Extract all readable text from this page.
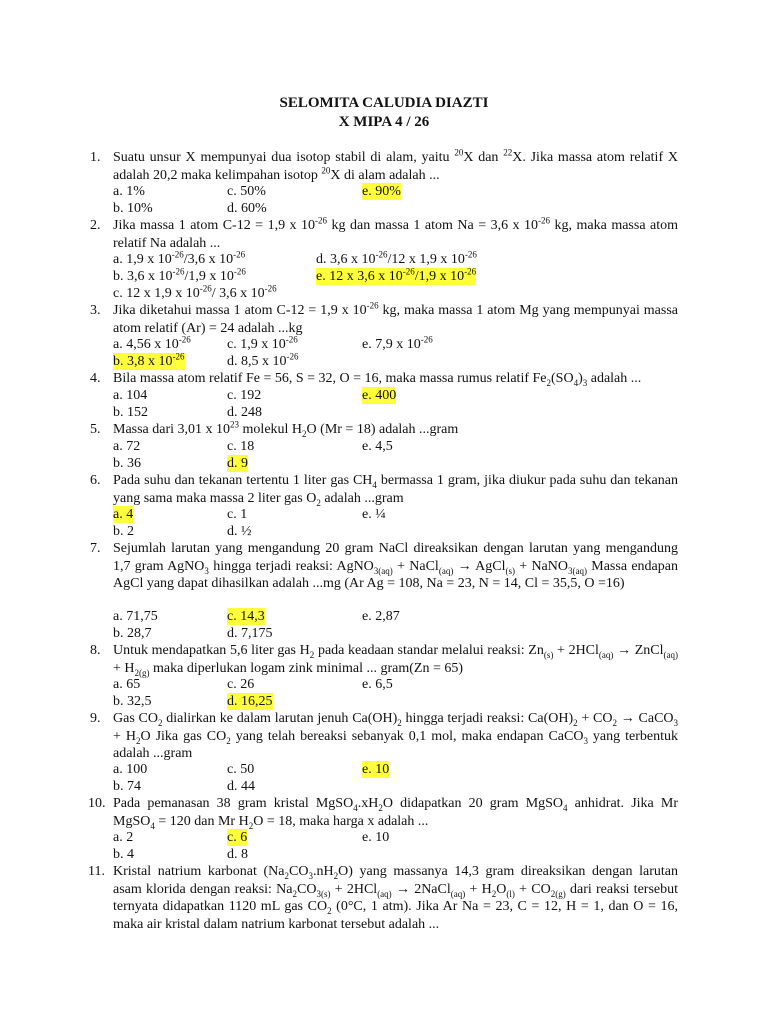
SELOMITA CALUDIA DIAZTI
X MIPA 4 / 26
1. Suatu unsur X mempunyai dua isotop stabil di alam, yaitu $^{20}$X dan $^{22}$X. Jika massa atom relatif X adalah 20,2 maka kelimpahan isotop $^{20}$X di alam adalah ...
a. 1%	c. 50%	e. 90%
b. 10%	d. 60%
2. Jika massa 1 atom C-12 = 1,9 x $10^{-26}$ kg dan massa 1 atom Na = 3,6 x $10^{-26}$ kg, maka massa atom relatif Na adalah ...
a. 1,9 x $10^{-26}/3,6$ x $10^{-26}$	d. 3,6 x $10^{-26}/12$ x 1,9 x $10^{-26}$
b. 3,6 x $10^{-26}/1,9$ x $10^{-26}$	e. 12 x 3,6 x $10^{-26}/1,9$ x $10^{-26}$
c. 12 x 1,9 x $10^{-26}/$ 3,6 x $10^{-26}$
3. Jika diketahui massa 1 atom C-12 = 1,9 x $10^{-26}$ kg, maka massa 1 atom Mg yang mempunyai massa atom relatif (Ar) = 24 adalah ...kg
a. 4,56 x $10^{-26}$	c. 1,9 x $10^{-26}$	e. 7,9 x $10^{-26}$
b. 3,8 x $10^{-26}$	d. 8,5 x $10^{-26}$
4. Bila massa atom relatif Fe = 56, S = 32, O = 16, maka massa rumus relatif $Fe_2(SO_4)_3$ adalah ...
a. 104	c. 192	e. 400
b. 152	d. 248
5. Massa dari 3,01 x $10^{23}$ molekul $H_2O$ (Mr = 18) adalah ...gram
a. 72	c. 18	e. 4,5
b. 36	d. 9
6. Pada suhu dan tekanan tertentu 1 liter gas $CH_4$ bermassa 1 gram, jika diukur pada suhu dan tekanan yang sama maka massa 2 liter gas $O_2$ adalah ...gram
a. 4	c. 1	e. ¼
b. 2	d. ½
7. Sejumlah larutan yang mengandung 20 gram NaCl direaksikan dengan larutan yang mengandung 1,7 gram AgNO$_3$ hingga terjadi reaksi: AgNO$_{3(aq)}$ + NaCl$_{(aq)}$ → AgCl$_{(s)}$ + NaNO$_{3(aq)}$ Massa endapan AgCl yang dapat dihasilkan adalah ...mg (Ar Ag = 108, Na = 23, N = 14, Cl = 35,5, O =16)
a. 71,75	c. 14,3	e. 2,87
b. 28,7	d. 7,175
8. Untuk mendapatkan 5,6 liter gas $H_2$ pada keadaan standar melalui reaksi: $Zn_{(s)} + 2HCl_{(aq)}$ → ZnCl$_{(aq)}$ + $H_{2(g)}$ maka diperlukan logam zink minimal ... gram(Zn = 65)
a. 65	c. 26	e. 6,5
b. 32,5	d. 16,25
9. Gas $CO_2$ dialirkan ke dalam larutan jenuh $Ca(OH)_2$ hingga terjadi reaksi: $Ca(OH)_2 + CO_2$ → CaCO$_3$ + $H_2O$ Jika gas $CO_2$ yang telah bereaksi sebanyak 0,1 mol, maka endapan CaCO$_3$ yang terbentuk adalah ...gram
a. 100	c. 50	e. 10
b. 74	d. 44
10. Pada pemanasan 38 gram kristal $MgSO_4.xH_2O$ didapatkan 20 gram MgSO$_4$ anhidrat. Jika Mr MgSO$_4$ = 120 dan Mr $H_2O = 18$, maka harga x adalah ...
a. 2	c. 6	e. 10
b. 4	d. 8
11. Kristal natrium karbonat $(Na_2CO_3.nH_2O)$ yang massanya 14,3 gram direaksikan dengan larutan asam klorida dengan reaksi: $Na_2CO_{3(s)} + 2HCl_{(aq)}$ → 2NaCl$_{(aq)}$ + $H_2O_{(l)} + CO_{2(g)}$ dari reaksi tersebut ternyata didapatkan 1120 mL gas $CO_2$ (0°C, 1 atm). Jika Ar Na = 23, C = 12, H = 1, dan O = 16, maka air kristal dalam natrium karbonat tersebut adalah ...
